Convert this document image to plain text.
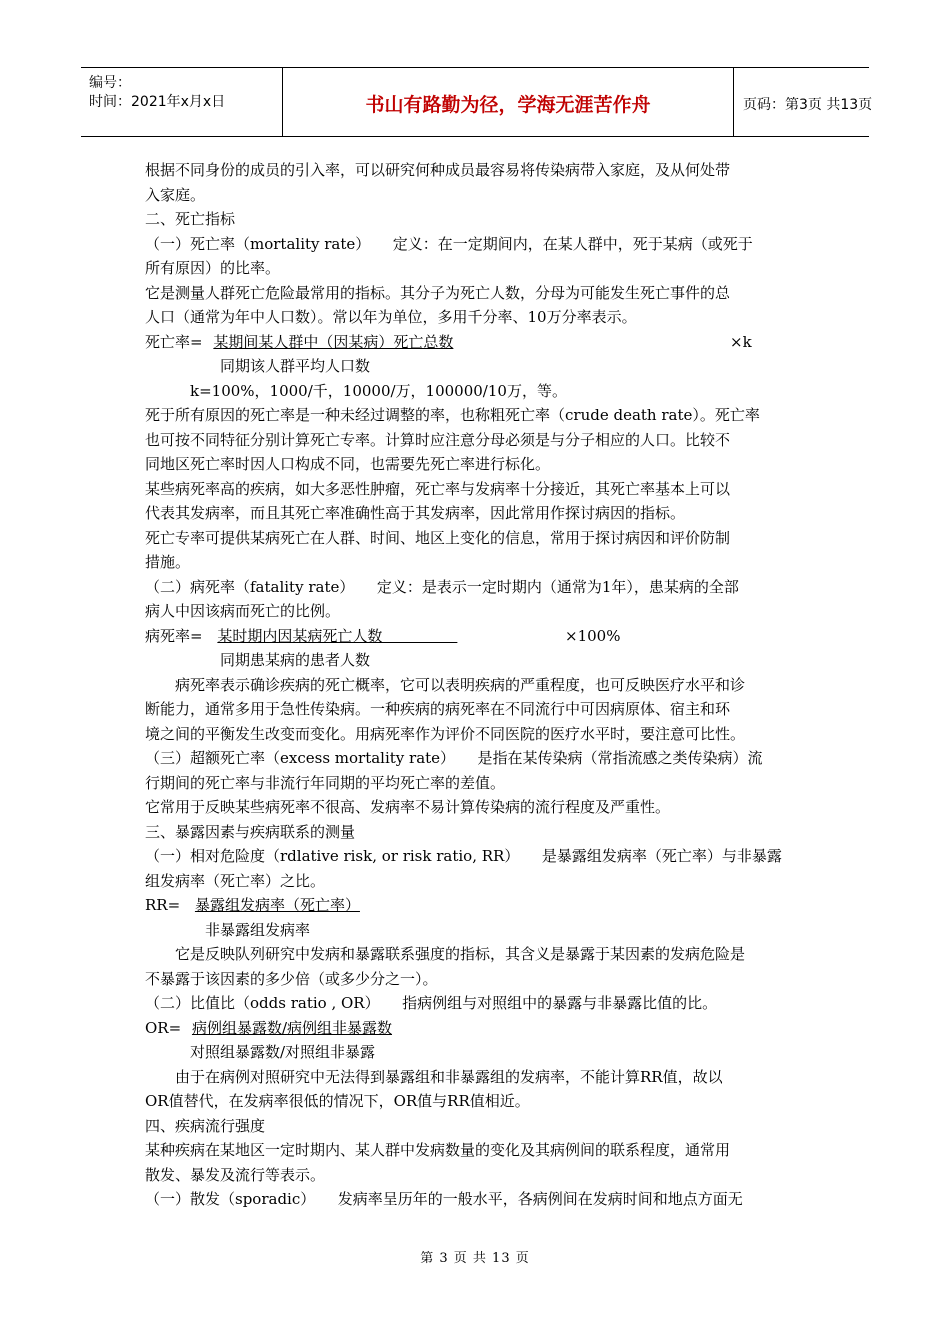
编号：
时间：2021年x月x日	书山有路勤为径，学海无涯苦作舟	页码：第3页 共13页
根据不同身份的成员的引入率，可以研究何种成员最容易将传染病带入家庭，及从何处带
入家庭。
二、死亡指标
（一）死亡率（mortality rate）　　定义：在一定期间内，在某人群中，死于某病（或死于
所有原因）的比率。
它是测量人群死亡危险最常用的指标。其分子为死亡人数，分母为可能发生死亡事件的总
人口（通常为年中人口数）。常以年为单位，多用千分率、10万分率表示。
死亡率= 某期间某人群中（因某病）死亡总数	×k
　　　　　同期该人群平均人口数
　　　k=100%，1000/千，10000/万，100000/10万，等。
死于所有原因的死亡率是一种未经过调整的率，也称粗死亡率（crude death rate）。死亡率
也可按不同特征分别计算死亡专率。计算时应注意分母必须是与分子相应的人口。比较不
同地区死亡率时因人口构成不同，也需要先死亡率进行标化。
某些病死率高的疾病，如大多恶性肿瘤，死亡率与发病率十分接近，其死亡率基本上可以
代表其发病率，而且其死亡率准确性高于其发病率，因此常用作探讨病因的指标。
死亡专率可提供某病死亡在人群、时间、地区上变化的信息，常用于探讨病因和评价防制
措施。
（二）病死率（fatality rate）　　定义：是表示一定时期内（通常为1年），患某病的全部
病人中因该病而死亡的比例。
病死率= 某时期内因某病死亡人数　　　　　	×100%
　　　　　同期患某病的患者人数
　　病死率表示确诊疾病的死亡概率，它可以表明疾病的严重程度，也可反映医疗水平和诊
断能力，通常多用于急性传染病。一种疾病的病死率在不同流行中可因病原体、宿主和环
境之间的平衡发生改变而变化。用病死率作为评价不同医院的医疗水平时，要注意可比性。
（三）超额死亡率（excess mortality rate）　　是指在某传染病（常指流感之类传染病）流
行期间的死亡率与非流行年同期的平均死亡率的差值。
它常用于反映某些病死率不很高、发病率不易计算传染病的流行程度及严重性。
三、暴露因素与疾病联系的测量
（一）相对危险度（rdlative risk, or risk ratio, RR）　　是暴露组发病率（死亡率）与非暴露
组发病率（死亡率）之比。
RR= 暴露组发病率（死亡率）
　　　　非暴露组发病率
　　它是反映队列研究中发病和暴露联系强度的指标，其含义是暴露于某因素的发病危险是
不暴露于该因素的多少倍（或多少分之一）。
（二）比值比（odds ratio , OR）　　指病例组与对照组中的暴露与非暴露比值的比。
OR= 病例组暴露数/病例组非暴露数
　　　对照组暴露数/对照组非暴露
　　由于在病例对照研究中无法得到暴露组和非暴露组的发病率，不能计算RR值，故以
OR值替代，在发病率很低的情况下，OR值与RR值相近。
四、疾病流行强度
某种疾病在某地区一定时期内、某人群中发病数量的变化及其病例间的联系程度，通常用
散发、暴发及流行等表示。
（一）散发（sporadic）　　发病率呈历年的一般水平，各病例间在发病时间和地点方面无
第 3 页 共 13 页
